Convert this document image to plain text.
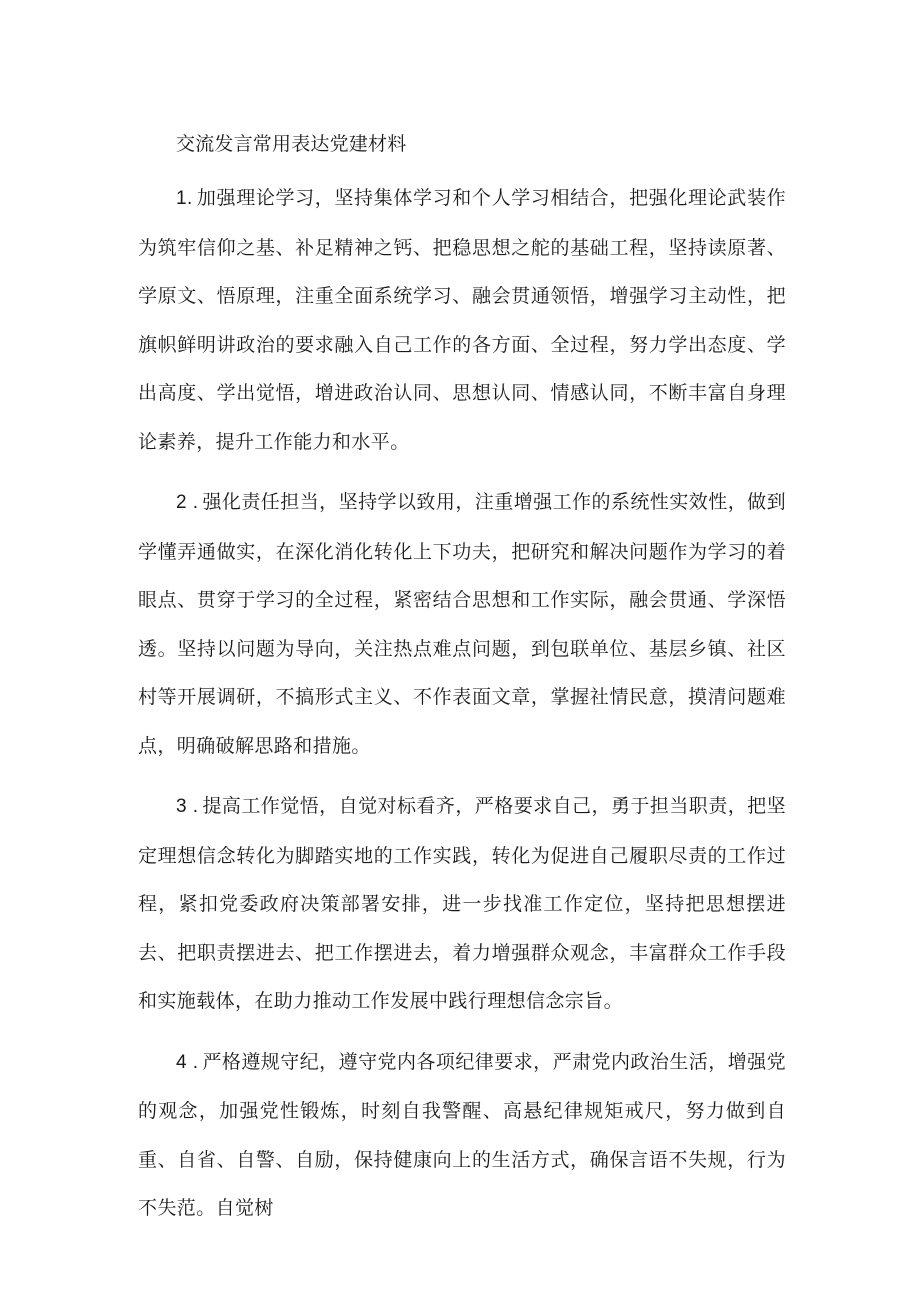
交流发言常用表达党建材料

1. 加强理论学习，坚持集体学习和个人学习相结合，把强化理论武装作为筑牢信仰之基、补足精神之钙、把稳思想之舵的基础工程，坚持读原著、学原文、悟原理，注重全面系统学习、融会贯通领悟，增强学习主动性，把旗帜鲜明讲政治的要求融入自己工作的各方面、全过程，努力学出态度、学出高度、学出觉悟，增进政治认同、思想认同、情感认同，不断丰富自身理论素养，提升工作能力和水平。

2 . 强化责任担当，坚持学以致用，注重增强工作的系统性实效性，做到学懂弄通做实，在深化消化转化上下功夫，把研究和解决问题作为学习的着眼点、贯穿于学习的全过程，紧密结合思想和工作实际，融会贯通、学深悟透。坚持以问题为导向，关注热点难点问题，到包联单位、基层乡镇、社区村等开展调研，不搞形式主义、不作表面文章，掌握社情民意，摸清问题难点，明确破解思路和措施。

3 . 提高工作觉悟，自觉对标看齐，严格要求自己，勇于担当职责，把坚定理想信念转化为脚踏实地的工作实践，转化为促进自己履职尽责的工作过程，紧扣党委政府决策部署安排，进一步找准工作定位，坚持把思想摆进去、把职责摆进去、把工作摆进去，着力增强群众观念，丰富群众工作手段和实施载体，在助力推动工作发展中践行理想信念宗旨。

4 . 严格遵规守纪，遵守党内各项纪律要求，严肃党内政治生活，增强党的观念，加强党性锻炼，时刻自我警醒、高悬纪律规矩戒尺，努力做到自重、自省、自警、自励，保持健康向上的生活方式，确保言语不失规，行为不失范。自觉树
